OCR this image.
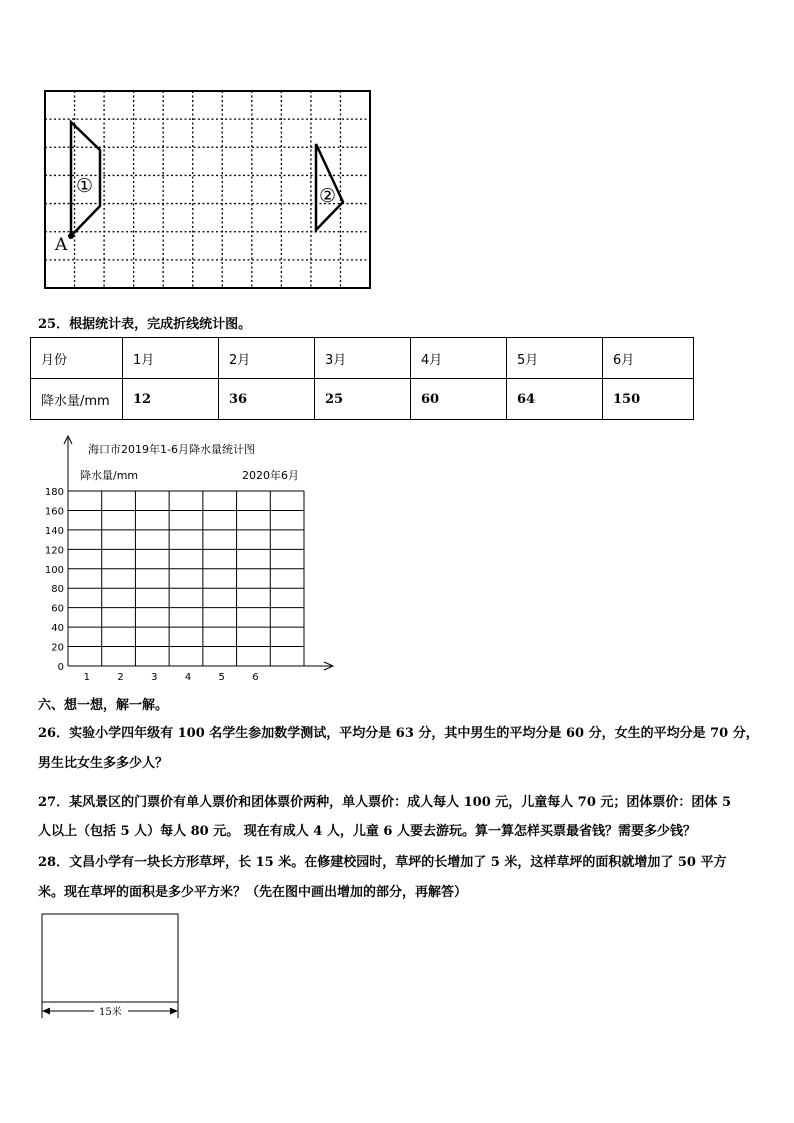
①	②
A
25．根据统计表，完成折线统计图。
月份	1月	2月	3月	4月	5月	6月
降水量/mm	12	36	25	60	64	150
海口市2019年1-6月降水量统计图
降水量/mm	2020年6月
0
20
40
60
80
100
120
140
160
180
1	2	3	4	5	6
六、想一想，解一解。
26．实验小学四年级有 100 名学生参加数学测试，平均分是 63 分，其中男生的平均分是 60 分，女生的平均分是 70 分，
男生比女生多多少人？
27．某风景区的门票价有单人票价和团体票价两种，单人票价：成人每人 100 元，儿童每人 70 元；团体票价：团体 5
人以上（包括 5 人）每人 80 元。 现在有成人 4 人，儿童 6 人要去游玩。算一算怎样买票最省钱？需要多少钱？
28．文昌小学有一块长方形草坪，长 15 米。在修建校园时，草坪的长增加了 5 米，这样草坪的面积就增加了 50 平方
米。现在草坪的面积是多少平方米？（先在图中画出增加的部分，再解答）
15米
